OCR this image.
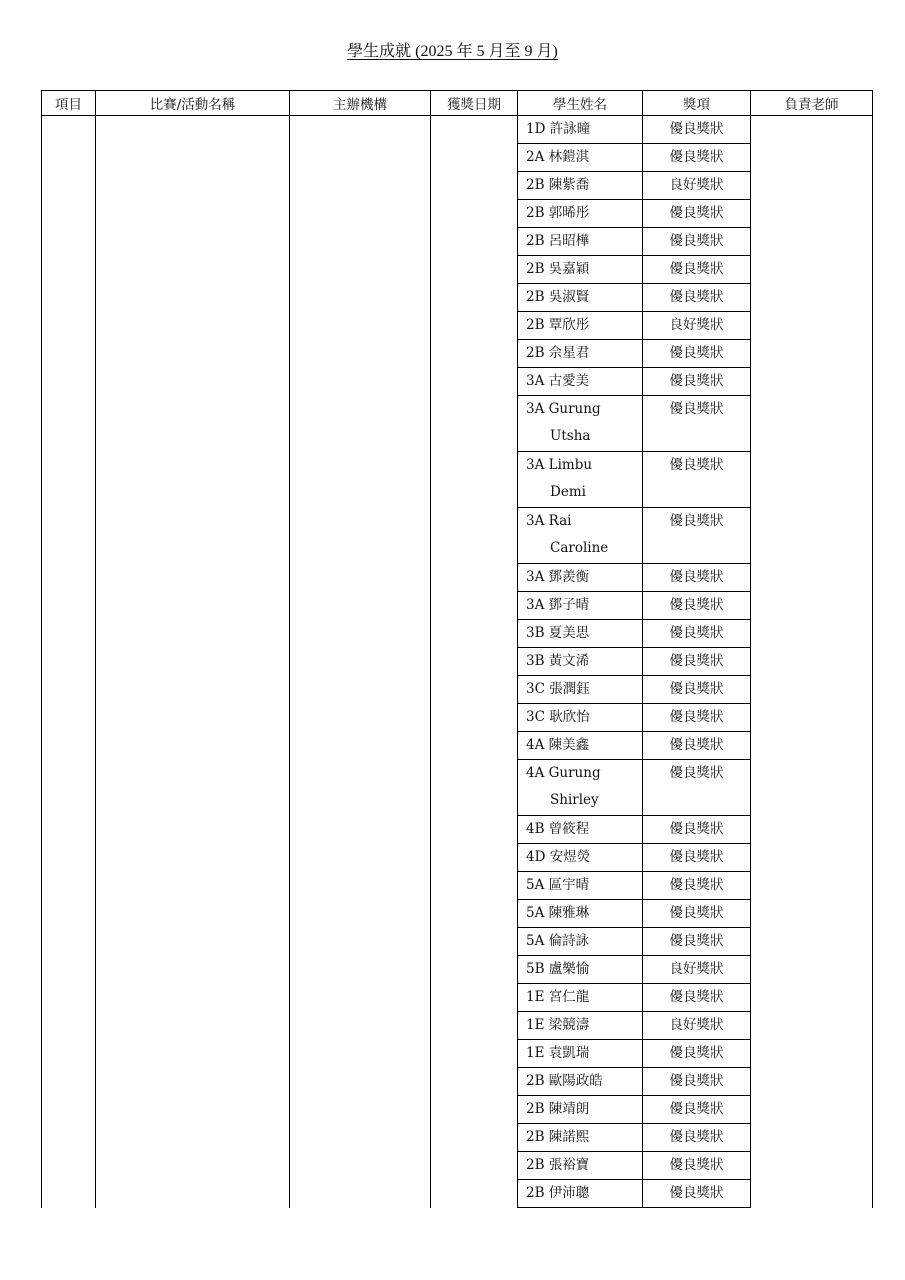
學生成就 (2025 年 5 月至 9 月)
項目	比賽/活動名稱	主辦機構	獲獎日期	學生姓名	獎項	負責老師

				1D 許詠曈	優良獎狀	

				2A 林鎧淇	優良獎狀	

				2B 陳紫喬	良好獎狀	

				2B 郭晞彤	優良獎狀	

				2B 呂昭樺	優良獎狀	

				2B 吳嘉穎	優良獎狀	

				2B 吳淑賢	優良獎狀	

				2B 覃欣彤	良好獎狀	

				2B 佘星君	優良獎狀	

				3A 古愛美	優良獎狀	

				3A Gurung
Utsha	優良獎狀	

				3A Limbu
Demi	優良獎狀	

				3A Rai
Caroline	優良獎狀	

				3A 鄧羨衡	優良獎狀	

				3A 鄧子晴	優良獎狀	

				3B 夏美思	優良獎狀	

				3B 黃文浠	優良獎狀	

				3C 張潤鈺	優良獎狀	

				3C 耿欣怡	優良獎狀	

				4A 陳美鑫	優良獎狀	

				4A Gurung
Shirley	優良獎狀	

				4B 曾筱程	優良獎狀	

				4D 安煜熒	優良獎狀	

				5A 區宇晴	優良獎狀	

				5A 陳雅琳	優良獎狀	

				5A 倫詩詠	優良獎狀	

				5B 盧樂愉	良好獎狀	

				1E 宮仁龍	優良獎狀	

				1E 梁競濤	良好獎狀	

				1E 袁凱瑞	優良獎狀	

				2B 歐陽政皓	優良獎狀	

				2B 陳靖朗	優良獎狀	

				2B 陳諾熙	優良獎狀	

				2B 張裕寶	優良獎狀	

				2B 伊沛聰	優良獎狀	
